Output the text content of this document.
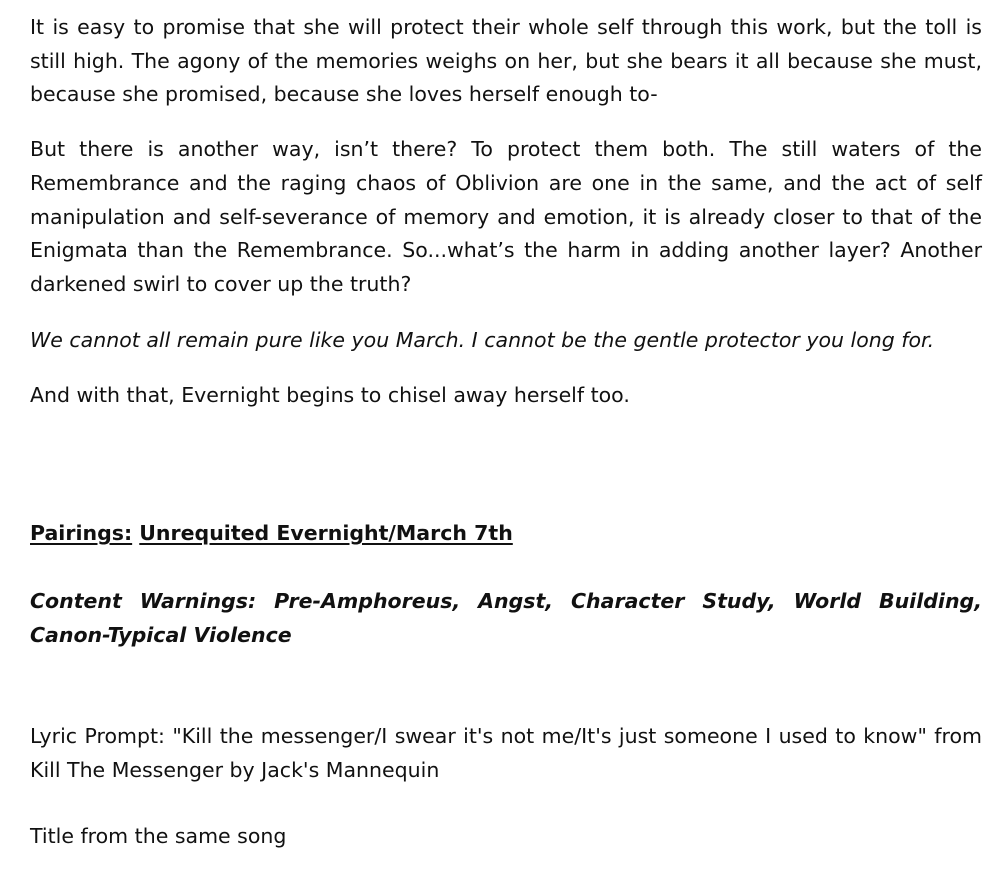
It is easy to promise that she will protect their whole self through this work, but the toll is still high. The agony of the memories weighs on her, but she bears it all because she must, because she promised, because she loves herself enough to-

But there is another way, isn’t there? To protect them both. The still waters of the Remembrance and the raging chaos of Oblivion are one in the same, and the act of self manipulation and self-severance of memory and emotion, it is already closer to that of the Enigmata than the Remembrance. So...what’s the harm in adding another layer? Another darkened swirl to cover up the truth?

We cannot all remain pure like you March. I cannot be the gentle protector you long for.

And with that, Evernight begins to chisel away herself too.

Pairings: Unrequited Evernight/March 7th
Content Warnings: Pre-Amphoreus, Angst, Character Study, World Building, Canon-Typical Violence
Lyric Prompt: "Kill the messenger/I swear it's not me/It's just someone I used to know" from Kill The Messenger by Jack's Mannequin
Title from the same song
